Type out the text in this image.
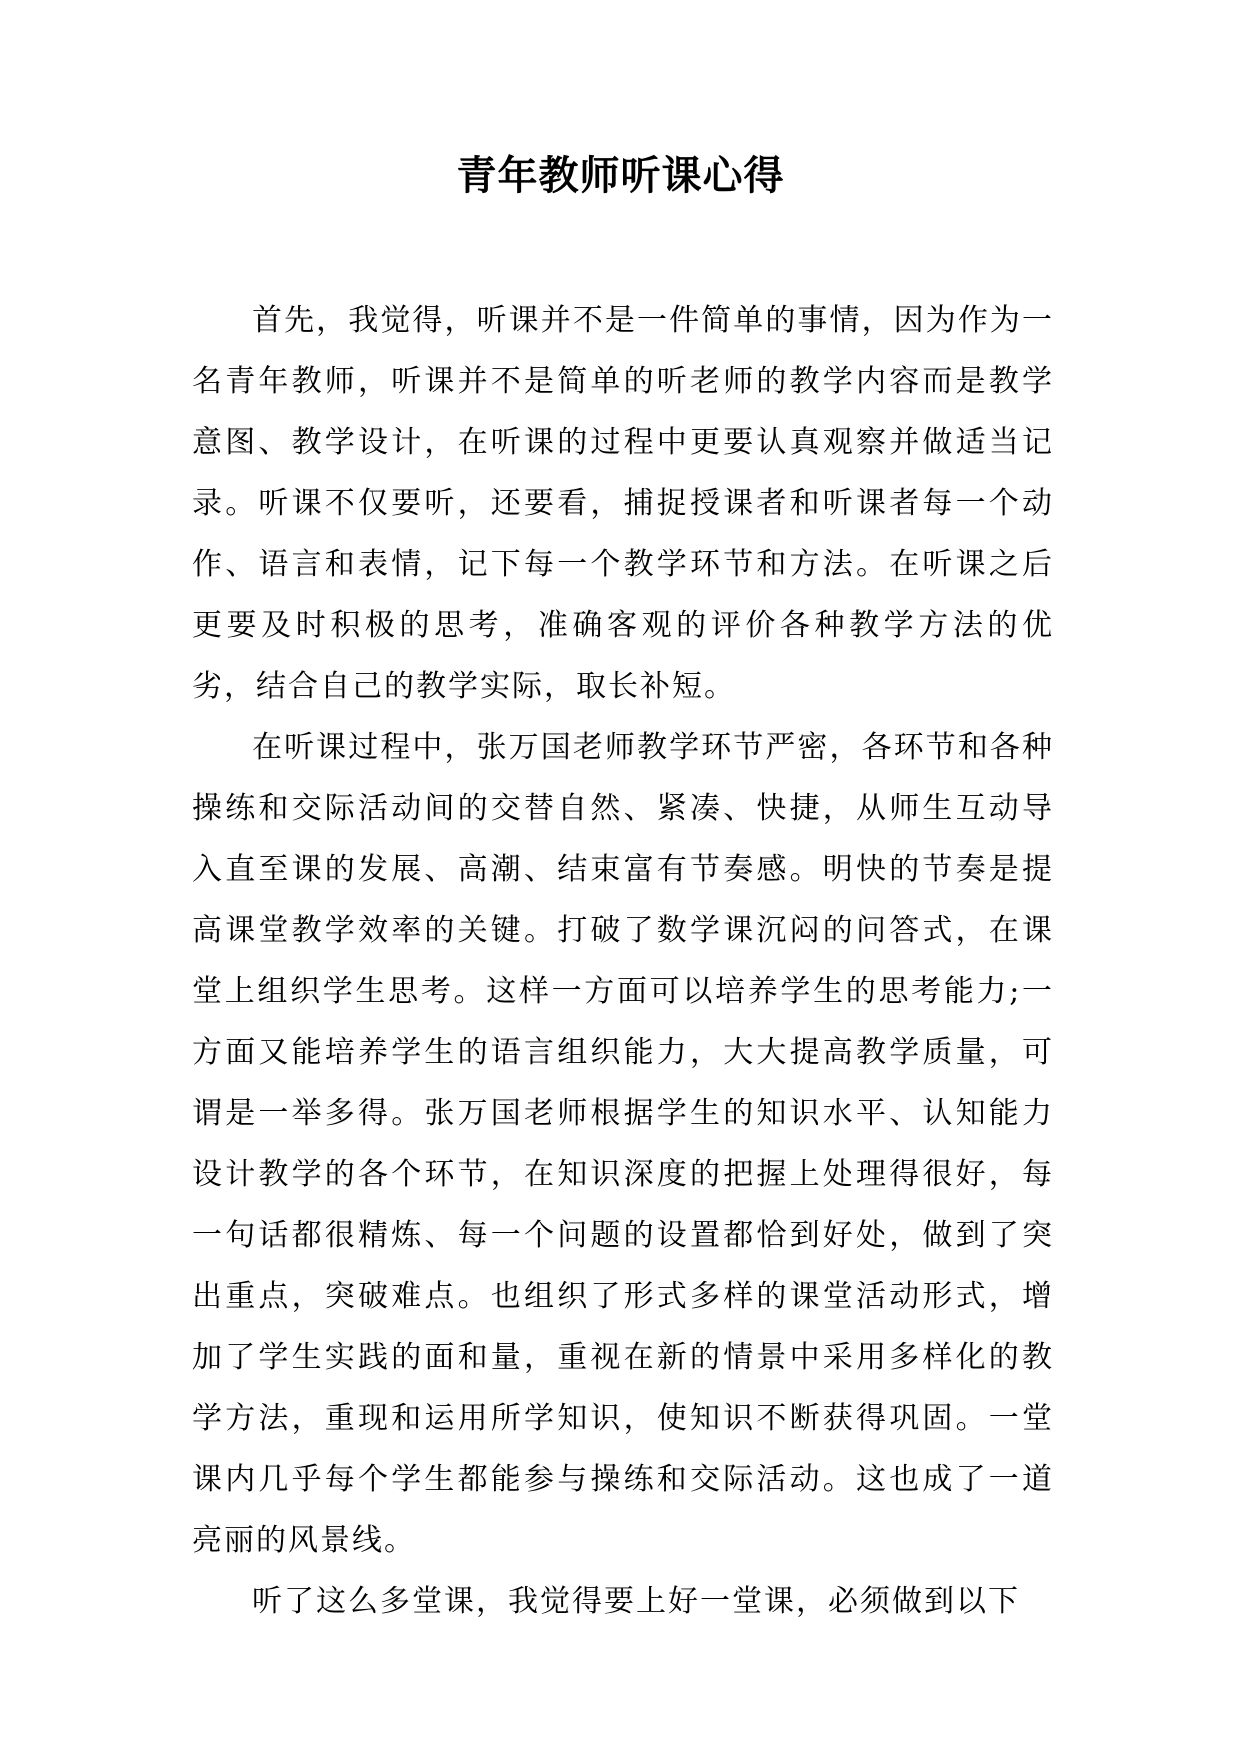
青年教师听课心得

首先，我觉得，听课并不是一件简单的事情，因为作为一名青年教师，听课并不是简单的听老师的教学内容而是教学意图、教学设计，在听课的过程中更要认真观察并做适当记录。听课不仅要听，还要看，捕捉授课者和听课者每一个动作、语言和表情，记下每一个教学环节和方法。在听课之后更要及时积极的思考，准确客观的评价各种教学方法的优劣，结合自己的教学实际，取长补短。

在听课过程中，张万国老师教学环节严密，各环节和各种操练和交际活动间的交替自然、紧凑、快捷，从师生互动导入直至课的发展、高潮、结束富有节奏感。明快的节奏是提高课堂教学效率的关键。打破了数学课沉闷的问答式，在课堂上组织学生思考。这样一方面可以培养学生的思考能力;一方面又能培养学生的语言组织能力，大大提高教学质量，可谓是一举多得。张万国老师根据学生的知识水平、认知能力设计教学的各个环节，在知识深度的把握上处理得很好，每一句话都很精炼、每一个问题的设置都恰到好处，做到了突出重点，突破难点。也组织了形式多样的课堂活动形式，增加了学生实践的面和量，重视在新的情景中采用多样化的教学方法，重现和运用所学知识，使知识不断获得巩固。一堂课内几乎每个学生都能参与操练和交际活动。这也成了一道亮丽的风景线。

听了这么多堂课，我觉得要上好一堂课，必须做到以下
